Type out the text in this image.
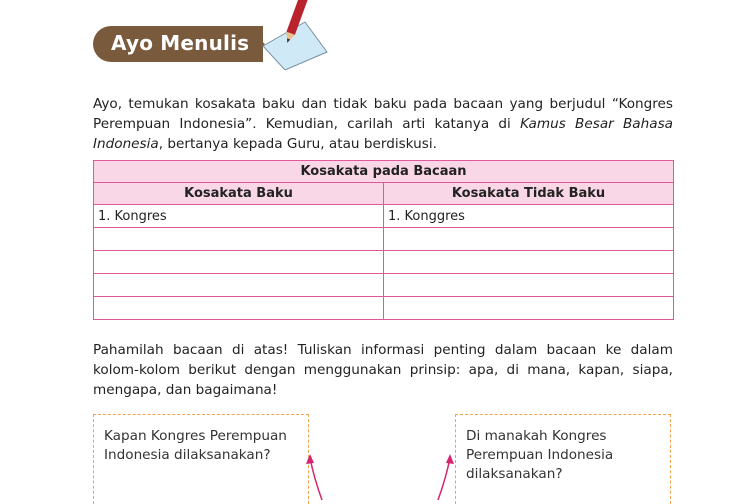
Ayo Menulis

Ayo, temukan kosakata baku dan tidak baku pada bacaan yang berjudul “Kongres Perempuan Indonesia”. Kemudian, carilah arti katanya di Kamus Besar Bahasa Indonesia, bertanya kepada Guru, atau berdiskusi.

Kosakata pada Bacaan	
Kosakata Baku	Kosakata Tidak Baku
1. Kongres	1. Konggres

Pahamilah bacaan di atas! Tuliskan informasi penting dalam bacaan ke dalam kolom-kolom berikut dengan menggunakan prinsip: apa, di mana, kapan, siapa, mengapa, dan bagaimana!

Kapan Kongres Perempuan Indonesia dilaksanakan?
Di manakah Kongres Perempuan Indonesia dilaksanakan?
